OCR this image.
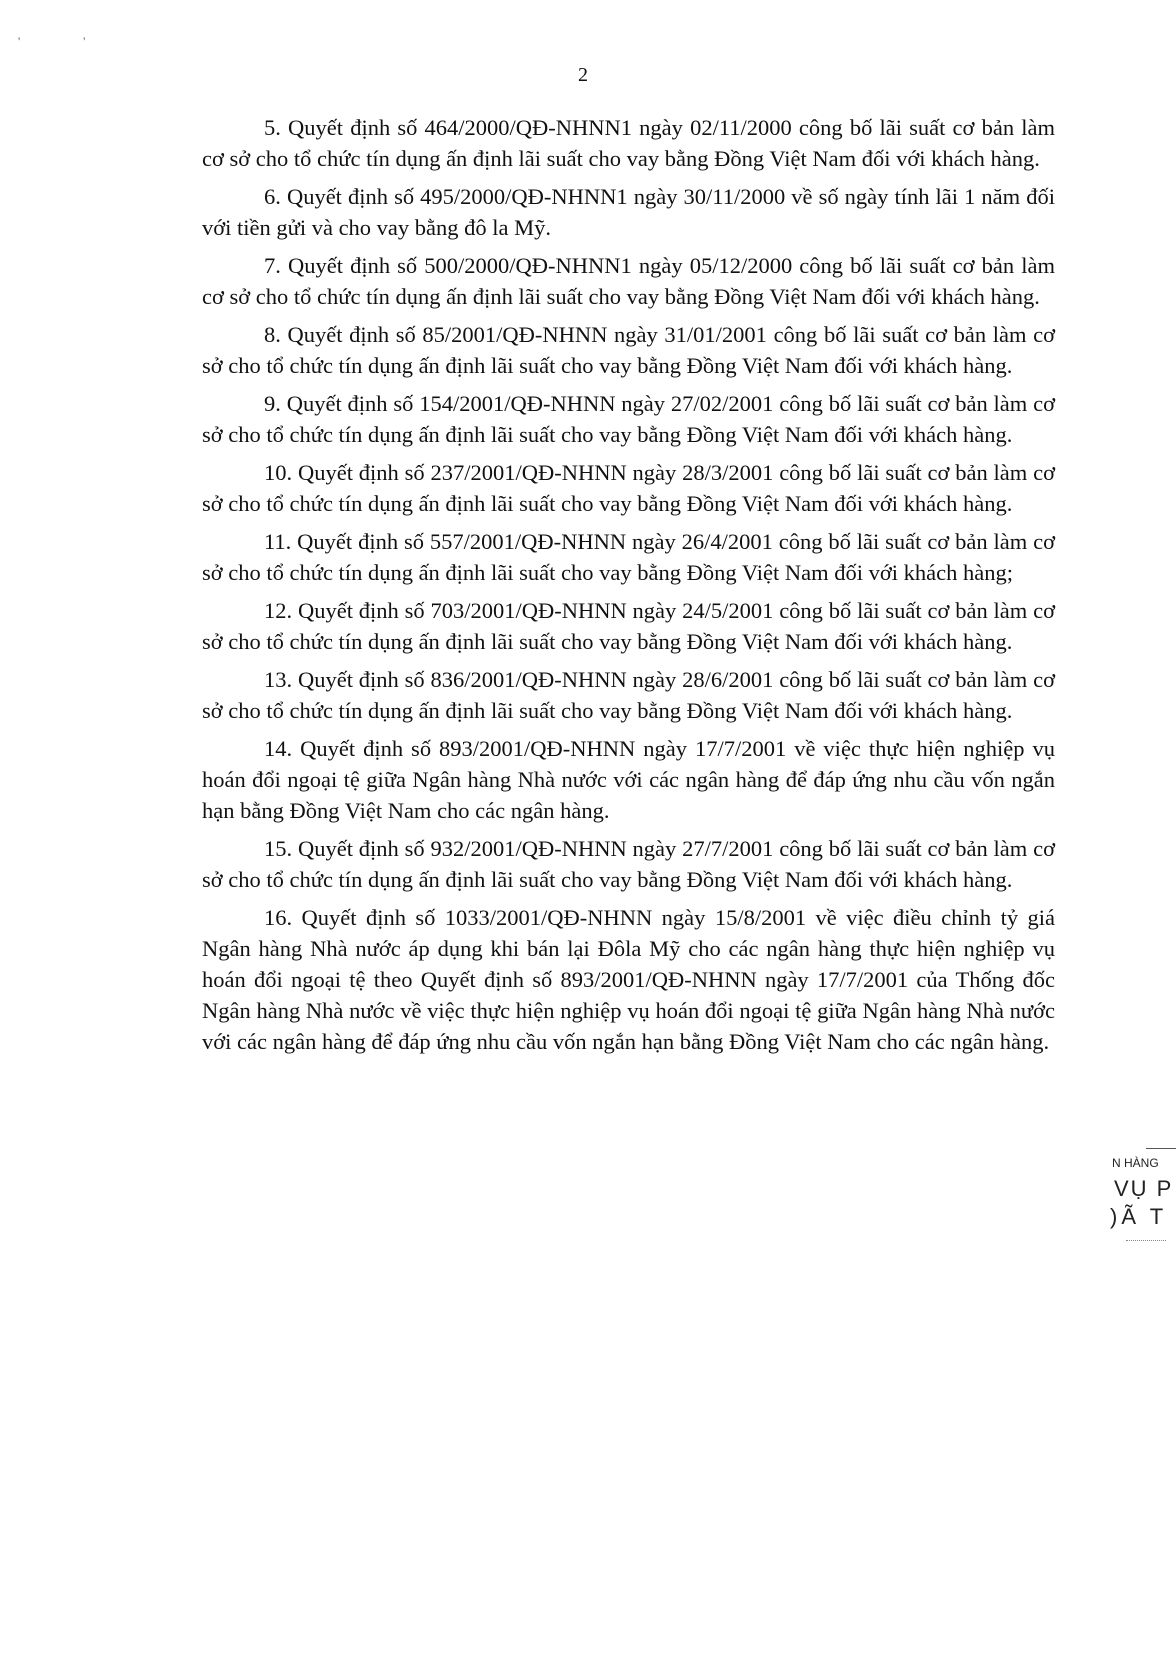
' '
2

5. Quyết định số 464/2000/QĐ-NHNN1 ngày 02/11/2000 công bố lãi suất cơ bản làm cơ sở cho tổ chức tín dụng ấn định lãi suất cho vay bằng Đồng Việt Nam đối với khách hàng.

6. Quyết định số 495/2000/QĐ-NHNN1 ngày 30/11/2000 về số ngày tính lãi 1 năm đối với tiền gửi và cho vay bằng đô la Mỹ.

7. Quyết định số 500/2000/QĐ-NHNN1 ngày 05/12/2000 công bố lãi suất cơ bản làm cơ sở cho tổ chức tín dụng ấn định lãi suất cho vay bằng Đồng Việt Nam đối với khách hàng.

8. Quyết định số 85/2001/QĐ-NHNN ngày 31/01/2001 công bố lãi suất cơ bản làm cơ sở cho tổ chức tín dụng ấn định lãi suất cho vay bằng Đồng Việt Nam đối với khách hàng.

9. Quyết định số 154/2001/QĐ-NHNN ngày 27/02/2001 công bố lãi suất cơ bản làm cơ sở cho tổ chức tín dụng ấn định lãi suất cho vay bằng Đồng Việt Nam đối với khách hàng.

10. Quyết định số 237/2001/QĐ-NHNN ngày 28/3/2001 công bố lãi suất cơ bản làm cơ sở cho tổ chức tín dụng ấn định lãi suất cho vay bằng Đồng Việt Nam đối với khách hàng.

11. Quyết định số 557/2001/QĐ-NHNN ngày 26/4/2001 công bố lãi suất cơ bản làm cơ sở cho tổ chức tín dụng ấn định lãi suất cho vay bằng Đồng Việt Nam đối với khách hàng;

12. Quyết định số 703/2001/QĐ-NHNN ngày 24/5/2001 công bố lãi suất cơ bản làm cơ sở cho tổ chức tín dụng ấn định lãi suất cho vay bằng Đồng Việt Nam đối với khách hàng.

13. Quyết định số 836/2001/QĐ-NHNN ngày 28/6/2001 công bố lãi suất cơ bản làm cơ sở cho tổ chức tín dụng ấn định lãi suất cho vay bằng Đồng Việt Nam đối với khách hàng.

14. Quyết định số 893/2001/QĐ-NHNN ngày 17/7/2001 về việc thực hiện nghiệp vụ hoán đổi ngoại tệ giữa Ngân hàng Nhà nước với các ngân hàng để đáp ứng nhu cầu vốn ngắn hạn bằng Đồng Việt Nam cho các ngân hàng.

15. Quyết định số 932/2001/QĐ-NHNN ngày 27/7/2001 công bố lãi suất cơ bản làm cơ sở cho tổ chức tín dụng ấn định lãi suất cho vay bằng Đồng Việt Nam đối với khách hàng.

16. Quyết định số 1033/2001/QĐ-NHNN ngày 15/8/2001 về việc điều chỉnh tỷ giá Ngân hàng Nhà nước áp dụng khi bán lại Đôla Mỹ cho các ngân hàng thực hiện nghiệp vụ hoán đổi ngoại tệ theo Quyết định số 893/2001/QĐ-NHNN ngày 17/7/2001 của Thống đốc Ngân hàng Nhà nước về việc thực hiện nghiệp vụ hoán đổi ngoại tệ giữa Ngân hàng Nhà nước với các ngân hàng để đáp ứng nhu cầu vốn ngắn hạn bằng Đồng Việt Nam cho các ngân hàng.

N HÀNG
VỤ P
)Ã T
